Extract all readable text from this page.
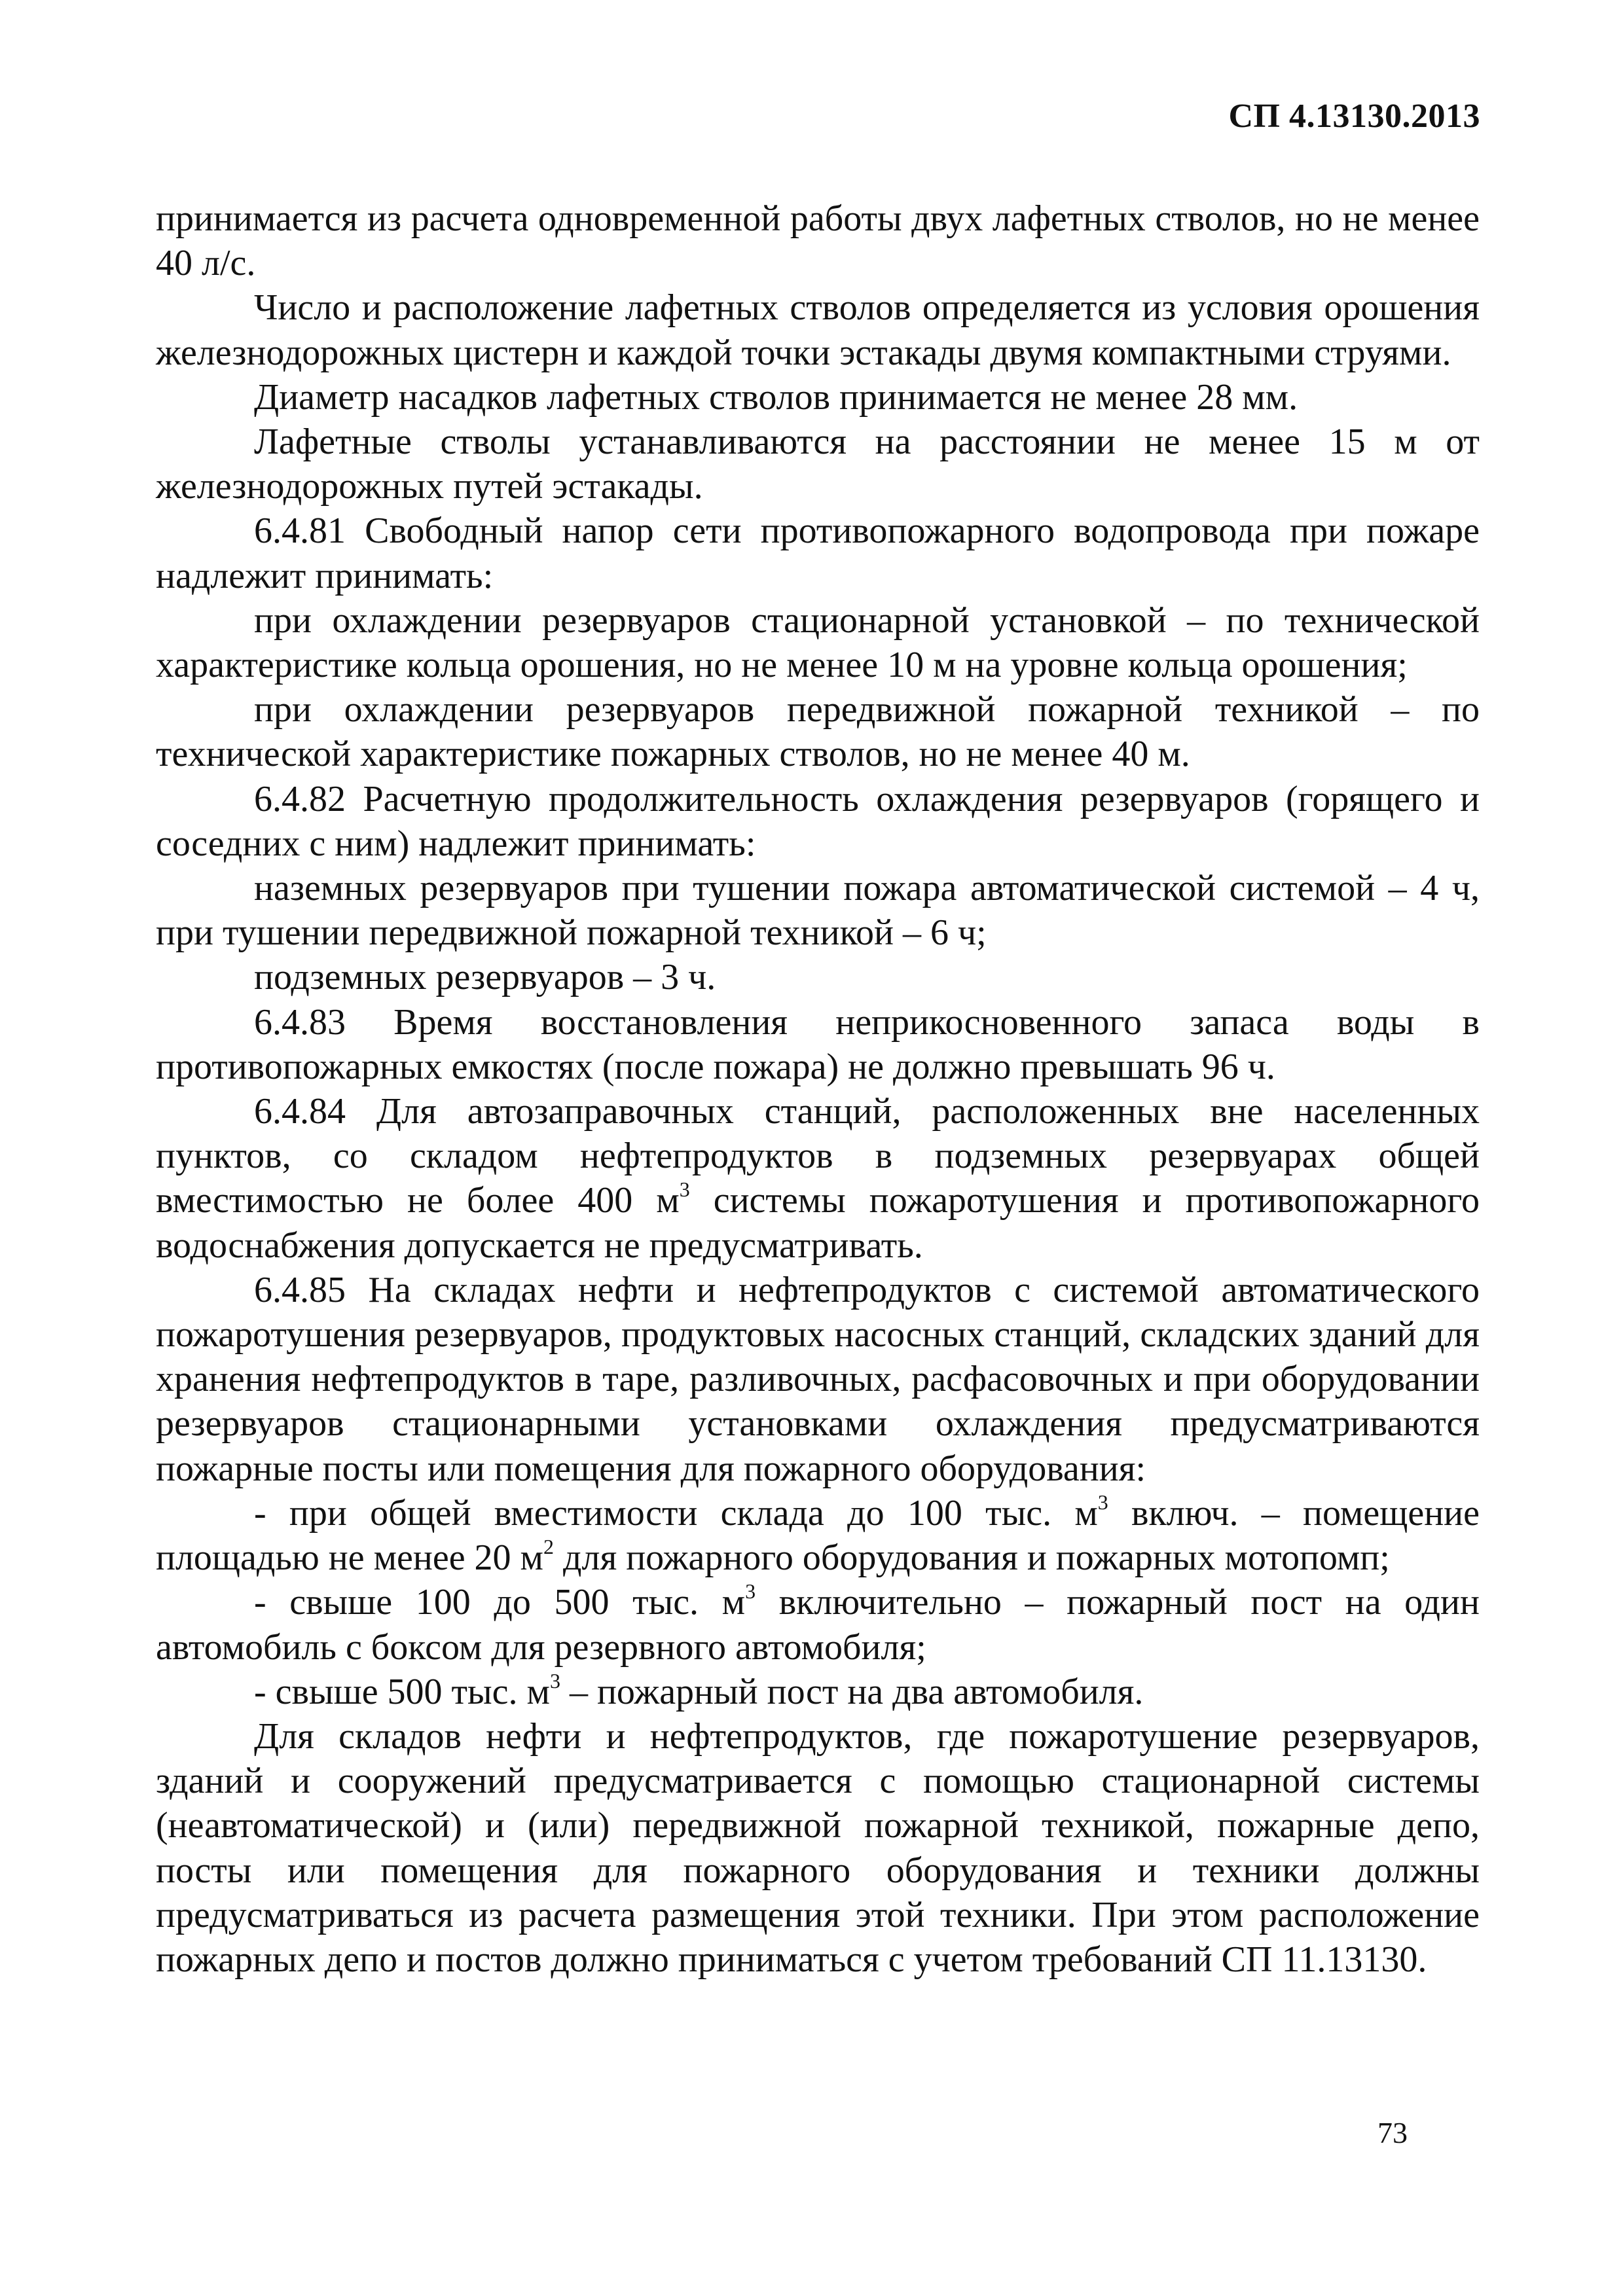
СП 4.13130.2013

принимается из расчета одновременной работы двух лафетных стволов, но не менее 40 л/с.

Число и расположение лафетных стволов определяется из условия орошения железнодорожных цистерн и каждой точки эстакады двумя компактными струями.

Диаметр насадков лафетных стволов принимается не менее 28 мм.

Лафетные стволы устанавливаются на расстоянии не менее 15 м от железнодорожных путей эстакады.

6.4.81 Свободный напор сети противопожарного водопровода при пожаре надлежит принимать:

при охлаждении резервуаров стационарной установкой – по технической характеристике кольца орошения, но не менее 10 м на уровне кольца орошения;

при охлаждении резервуаров передвижной пожарной техникой – по технической характеристике пожарных стволов, но не менее 40 м.

6.4.82 Расчетную продолжительность охлаждения резервуаров (горящего и соседних с ним) надлежит принимать:

наземных резервуаров при тушении пожара автоматической системой – 4 ч, при тушении передвижной пожарной техникой – 6 ч;

подземных резервуаров – 3 ч.

6.4.83 Время восстановления неприкосновенного запаса воды в противопожарных емкостях (после пожара) не должно превышать 96 ч.

6.4.84 Для автозаправочных станций, расположенных вне населенных пунктов, со складом нефтепродуктов в подземных резервуарах общей вместимостью не более 400 $м^3$ системы пожаротушения и противопожарного водоснабжения допускается не предусматривать.

6.4.85 На складах нефти и нефтепродуктов с системой автоматического пожаротушения резервуаров, продуктовых насосных станций, складских зданий для хранения нефтепродуктов в таре, разливочных, расфасовочных и при оборудовании резервуаров стационарными установками охлаждения предусматриваются пожарные посты или помещения для пожарного оборудования:

- при общей вместимости склада до 100 тыс. $м^3$ включ. – помещение площадью не менее 20 $м^2$ для пожарного оборудования и пожарных мотопомп;

- свыше 100 до 500 тыс. $м^3$ включительно – пожарный пост на один автомобиль с боксом для резервного автомобиля;

- свыше 500 тыс. $м^3$ – пожарный пост на два автомобиля.

Для складов нефти и нефтепродуктов, где пожаротушение резервуаров, зданий и сооружений предусматривается с помощью стационарной системы (неавтоматической) и (или) передвижной пожарной техникой, пожарные депо, посты или помещения для пожарного оборудования и техники должны предусматриваться из расчета размещения этой техники. При этом расположение пожарных депо и постов должно приниматься с учетом требований СП 11.13130.

73
